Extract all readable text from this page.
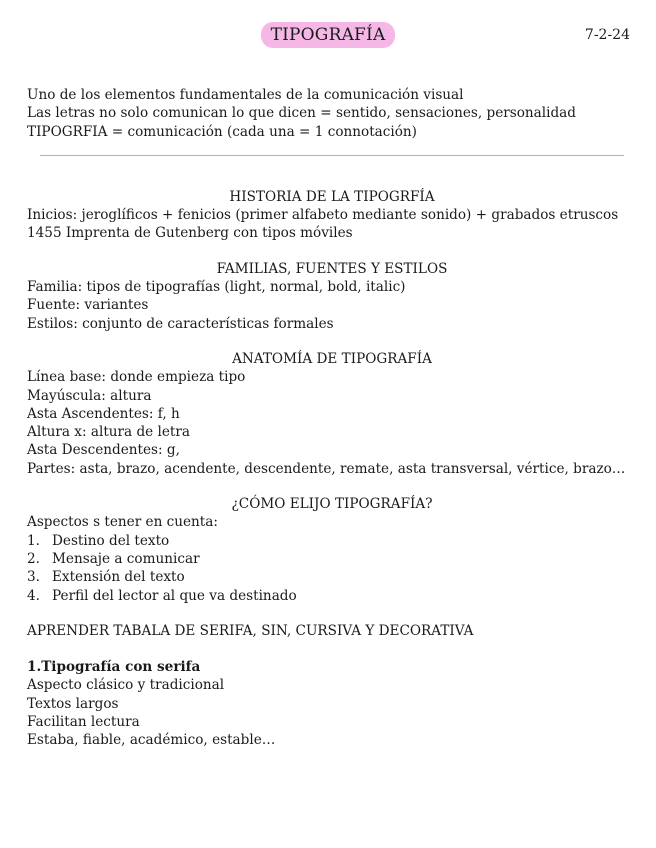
TIPOGRAFÍA	7-2-24
Uno de los elementos fundamentales de la comunicación visual
Las letras no solo comunican lo que dicen = sentido, sensaciones, personalidad
TIPOGRFIA = comunicación (cada una = 1 connotación)
HISTORIA DE LA TIPOGRFÍA
Inicios: jeroglíficos + fenicios (primer alfabeto mediante sonido) + grabados etruscos
1455 Imprenta de Gutenberg con tipos móviles
FAMILIAS, FUENTES Y ESTILOS
Familia: tipos de tipografías (light, normal, bold, italic)
Fuente: variantes
Estilos: conjunto de características formales
ANATOMÍA DE TIPOGRAFÍA
Línea base: donde empieza tipo
Mayúscula: altura
Asta Ascendentes: f, h
Altura x: altura de letra
Asta Descendentes: g,
Partes: asta, brazo, acendente, descendente, remate, asta transversal, vértice, brazo…
¿CÓMO ELIJO TIPOGRAFÍA?
Aspectos s tener en cuenta:
1. Destino del texto
2. Mensaje a comunicar
3. Extensión del texto
4. Perfil del lector al que va destinado
APRENDER TABALA DE SERIFA, SIN, CURSIVA Y DECORATIVA
1.Tipografía con serifa
Aspecto clásico y tradicional
Textos largos
Facilitan lectura
Estaba, fiable, académico, estable…
